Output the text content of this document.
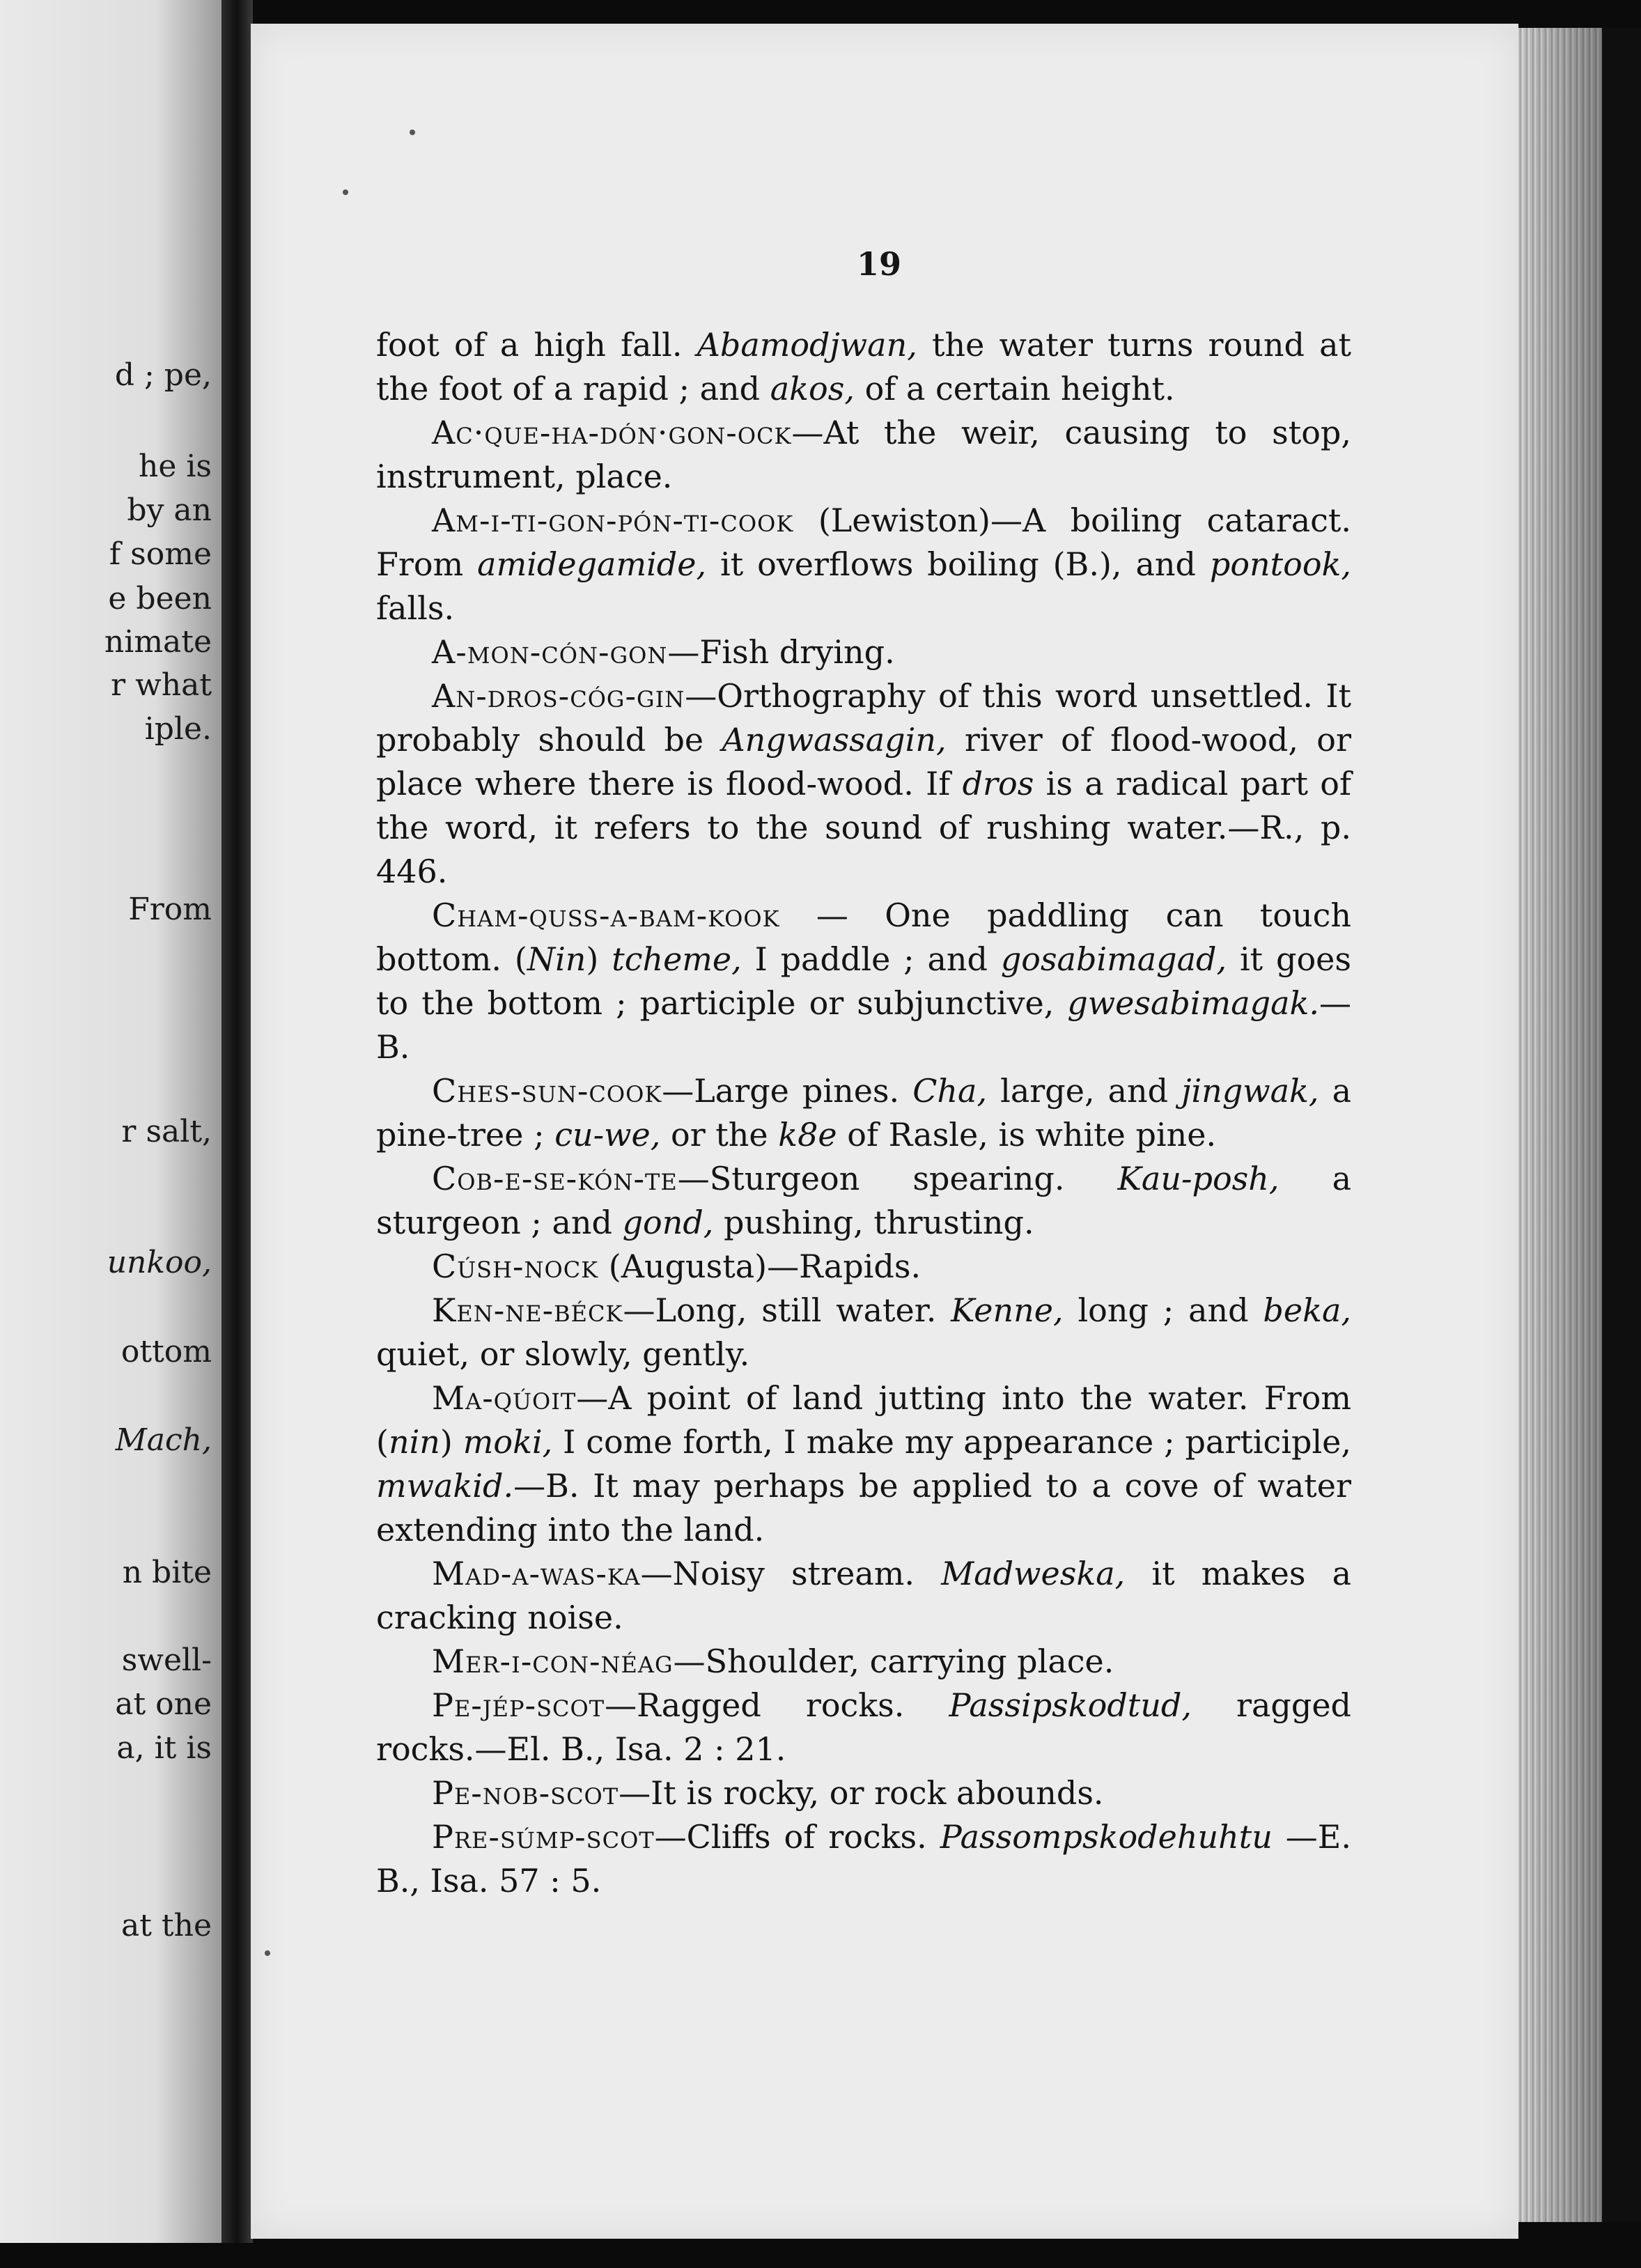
d ; pe,

he is

by an

f some

e been

nimate

r what

iple.

From

r salt,

unkoo,

ottom

Mach,

n bite

swell-

at one

a, it is

at the

19

foot of a high fall. Abamodjwan, the water turns round at the foot of a rapid ; and akos, of a certain height.

Ac·que-ha-dón·gon-ock—At the weir, causing to stop, instrument, place.

Am-i-ti-gon-pón-ti-cook (Lewiston)—A boiling cataract. From amidegamide, it overflows boiling (B.), and pontook, falls.

A-mon-cón-gon—Fish drying.

An-dros-cóg-gin—Orthography of this word unsettled. It probably should be Angwassagin, river of flood-wood, or place where there is flood-wood. If dros is a radical part of the word, it refers to the sound of rushing water.—R., p. 446.

Cham-quss-a-bam-kook — One paddling can touch bottom. (Nin) tcheme, I paddle ; and gosabimagad, it goes to the bottom ; participle or subjunctive, gwesabimagak.—B.

Ches-sun-cook—Large pines. Cha, large, and jingwak, a pine-tree ; cu-we, or the k8e of Rasle, is white pine.

Cob-e-se-kón-te—Sturgeon spearing. Kau-posh, a sturgeon ; and gond, pushing, thrusting.

Cúsh-nock (Augusta)—Rapids.

Ken-ne-béck—Long, still water. Kenne, long ; and beka, quiet, or slowly, gently.

Ma-qúoit—A point of land jutting into the water. From (nin) moki, I come forth, I make my appearance ; participle, mwakid.—B. It may perhaps be applied to a cove of water extending into the land.

Mad-a-was-ka—Noisy stream. Madweska, it makes a cracking noise.

Mer-i-con-néag—Shoulder, carrying place.

Pe-jép-scot—Ragged rocks. Passipskodtud, ragged rocks.—El. B., Isa. 2 : 21.

Pe-nob-scot—It is rocky, or rock abounds.

Pre-súmp-scot—Cliffs of rocks. Passompskodehuhtu —E. B., Isa. 57 : 5.
